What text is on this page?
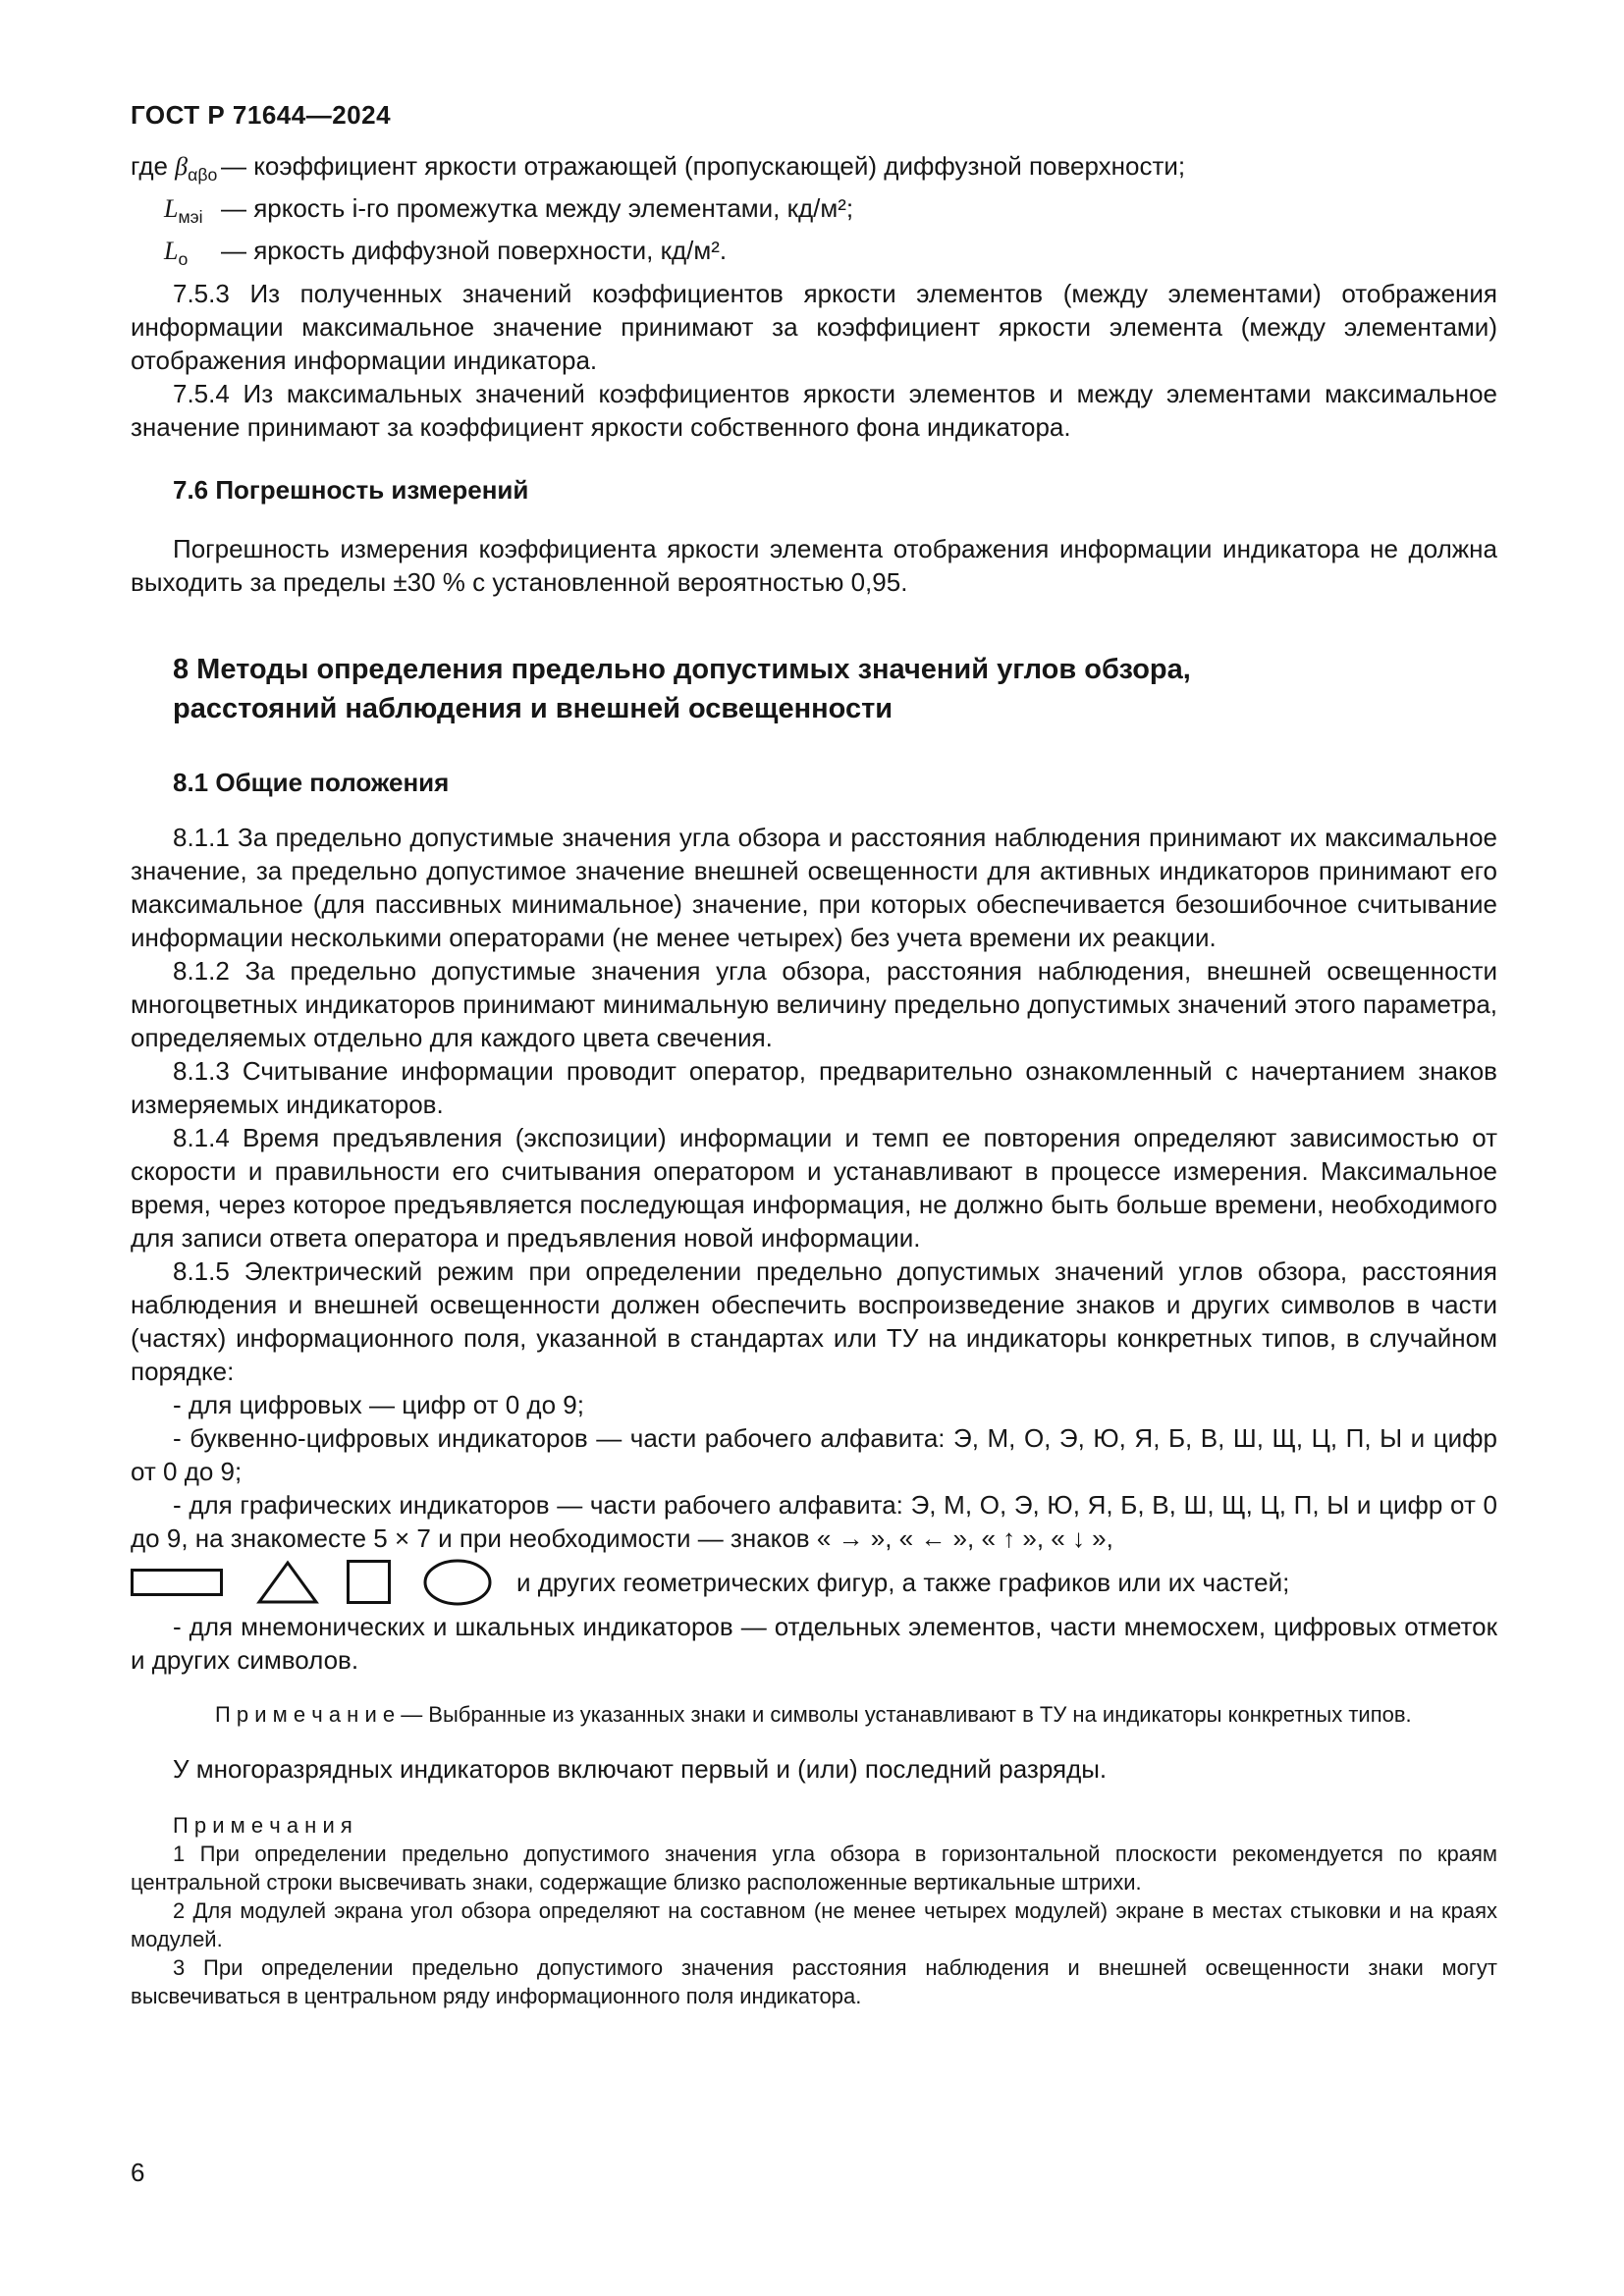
ГОСТ Р 71644—2024
где $\beta_{\alpha\beta о}$ — коэффициент яркости отражающей (пропускающей) диффузной поверхности;
$L_{мэi}$ — яркость i-го промежутка между элементами, кд/м²;
$L_о$	— яркость диффузной поверхности, кд/м².
7.5.3 Из полученных значений коэффициентов яркости элементов (между элементами) отображения информации максимальное значение принимают за коэффициент яркости элемента (между элементами) отображения информации индикатора.
7.5.4 Из максимальных значений коэффициентов яркости элементов и между элементами максимальное значение принимают за коэффициент яркости собственного фона индикатора.
7.6 Погрешность измерений
Погрешность измерения коэффициента яркости элемента отображения информации индикатора не должна выходить за пределы ±30 % с установленной вероятностью 0,95.
8 Методы определения предельно допустимых значений углов обзора,
расстояний наблюдения и внешней освещенности
8.1 Общие положения
8.1.1 За предельно допустимые значения угла обзора и расстояния наблюдения принимают их максимальное значение, за предельно допустимое значение внешней освещенности для активных индикаторов принимают его максимальное (для пассивных минимальное) значение, при которых обеспечивается безошибочное считывание информации несколькими операторами (не менее четырех) без учета времени их реакции.
8.1.2 За предельно допустимые значения угла обзора, расстояния наблюдения, внешней освещенности многоцветных индикаторов принимают минимальную величину предельно допустимых значений этого параметра, определяемых отдельно для каждого цвета свечения.
8.1.3 Считывание информации проводит оператор, предварительно ознакомленный с начертанием знаков измеряемых индикаторов.
8.1.4 Время предъявления (экспозиции) информации и темп ее повторения определяют зависимостью от скорости и правильности его считывания оператором и устанавливают в процессе измерения. Максимальное время, через которое предъявляется последующая информация, не должно быть больше времени, необходимого для записи ответа оператора и предъявления новой информации.
8.1.5 Электрический режим при определении предельно допустимых значений углов обзора, расстояния наблюдения и внешней освещенности должен обеспечить воспроизведение знаков и других символов в части (частях) информационного поля, указанной в стандартах или ТУ на индикаторы конкретных типов, в случайном порядке:
- для цифровых — цифр от 0 до 9;
- буквенно-цифровых индикаторов — части рабочего алфавита: Э, М, О, Э, Ю, Я, Б, В, Ш, Щ, Ц, П, Ы и цифр от 0 до 9;
- для графических индикаторов — части рабочего алфавита: Э, М, О, Э, Ю, Я, Б, В, Ш, Щ, Ц, П, Ы и цифр от 0 до 9, на знакоместе 5 × 7 и при необходимости — знаков « → », « ← », « ↑ », « ↓ »,
и других геометрических фигур, а также графиков или их частей;
- для мнемонических и шкальных индикаторов — отдельных элементов, части мнемосхем, цифровых отметок и других символов.
П р и м е ч а н и е — Выбранные из указанных знаки и символы устанавливают в ТУ на индикаторы конкретных типов.
У многоразрядных индикаторов включают первый и (или) последний разряды.
П р и м е ч а н и я
1 При определении предельно допустимого значения угла обзора в горизонтальной плоскости рекомендуется по краям центральной строки высвечивать знаки, содержащие близко расположенные вертикальные штрихи.
2 Для модулей экрана угол обзора определяют на составном (не менее четырех модулей) экране в местах стыковки и на краях модулей.
3 При определении предельно допустимого значения расстояния наблюдения и внешней освещенности знаки могут высвечиваться в центральном ряду информационного поля индикатора.
6
